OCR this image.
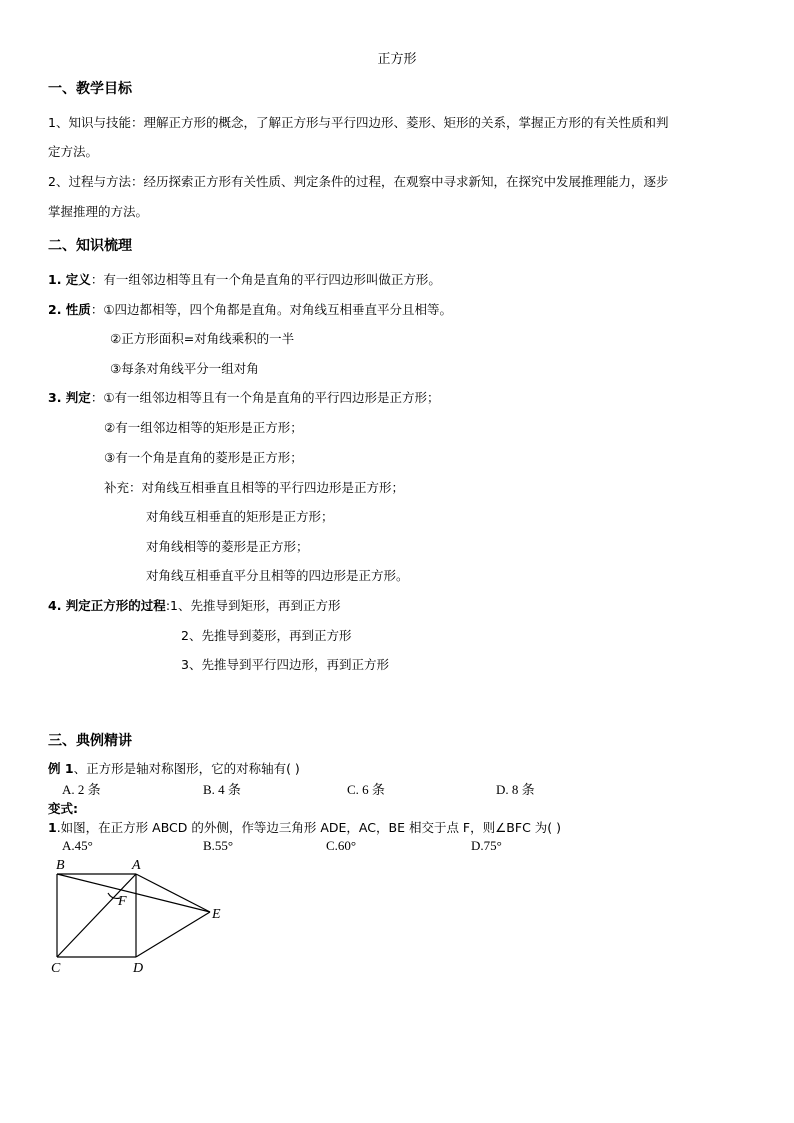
正方形
一、教学目标
1、知识与技能：理解正方形的概念，了解正方形与平行四边形、菱形、矩形的关系，掌握正方形的有关性质和判
定方法。
2、过程与方法：经历探索正方形有关性质、判定条件的过程，在观察中寻求新知，在探究中发展推理能力，逐步
掌握推理的方法。
二、知识梳理
1. 定义：有一组邻边相等且有一个角是直角的平行四边形叫做正方形。
2. 性质：①四边都相等，四个角都是直角。对角线互相垂直平分且相等。
②正方形面积=对角线乘积的一半
③每条对角线平分一组对角
3. 判定：①有一组邻边相等且有一个角是直角的平行四边形是正方形；
②有一组邻边相等的矩形是正方形；
③有一个角是直角的菱形是正方形；
补充：对角线互相垂直且相等的平行四边形是正方形；
对角线互相垂直的矩形是正方形；
对角线相等的菱形是正方形；
对角线互相垂直平分且相等的四边形是正方形。
4. 判定正方形的过程:1、先推导到矩形，再到正方形
2、先推导到菱形，再到正方形
3、先推导到平行四边形，再到正方形
三、典例精讲
例 1、正方形是轴对称图形，它的对称轴有( )
A. 2 条	B. 4 条	C. 6 条	D. 8 条
变式:
1.如图，在正方形 ABCD 的外侧，作等边三角形 ADE，AC，BE 相交于点 F，则∠BFC 为( )
A.45°	B.55°	C.60°	D.75°
B	A
F
E
C	D
